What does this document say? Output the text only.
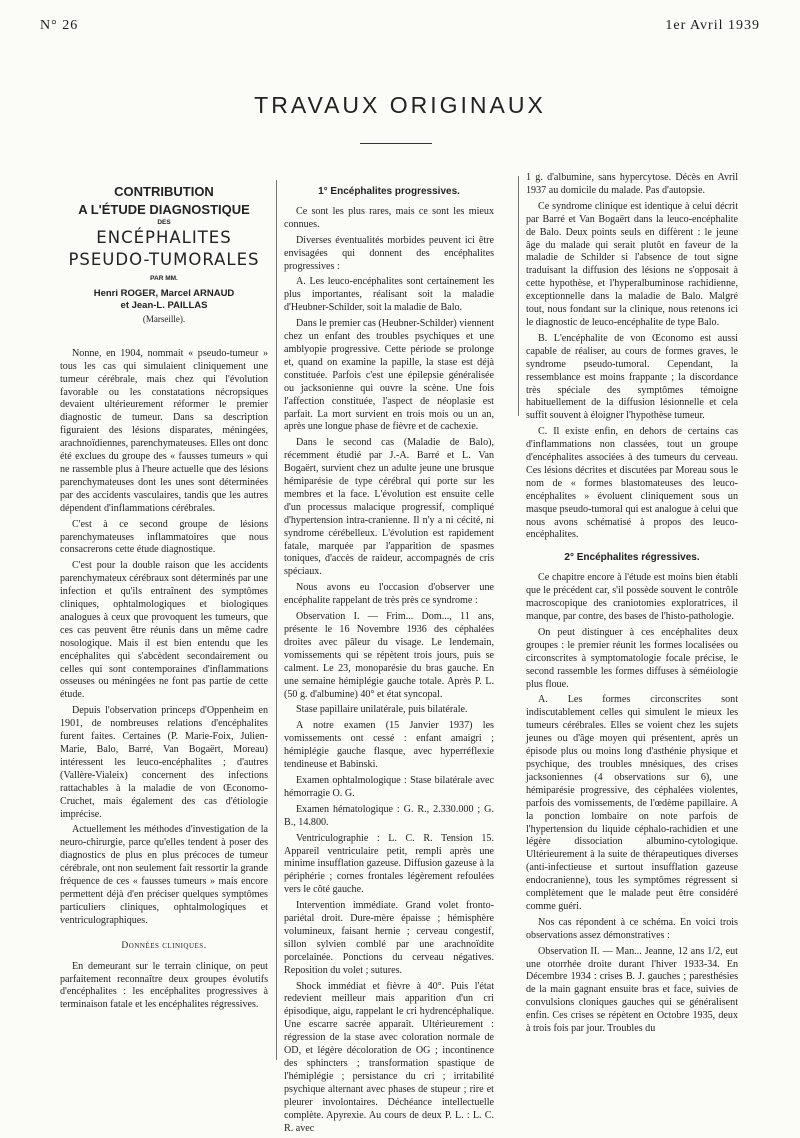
N° 26	1er Avril 1939
TRAVAUX ORIGINAUX
CONTRIBUTION
A L'ÉTUDE DIAGNOSTIQUE
DES
ENCÉPHALITES
PSEUDO-TUMORALES
PAR MM.
Henri ROGER, Marcel ARNAUD
et Jean-L. PAILLAS
(Marseille).

Nonne, en 1904, nommait « pseudo-tumeur » tous les cas qui simulaient cliniquement une tumeur cérébrale, mais chez qui l'évolution favorable ou les constatations nécropsiques devaient ultérieurement réformer le premier diagnostic de tumeur. Dans sa description figuraient des lésions disparates, méningées, arachnoïdiennes, parenchymateuses. Elles ont donc été exclues du groupe des « fausses tumeurs » qui ne rassemble plus à l'heure actuelle que des lésions parenchymateuses dont les unes sont déterminées par des accidents vasculaires, tandis que les autres dépendent d'inflammations cérébrales.

C'est à ce second groupe de lésions parenchymateuses inflammatoires que nous consacrerons cette étude diagnostique.

C'est pour la double raison que les accidents parenchymateux cérébraux sont déterminés par une infection et qu'ils entraînent des symptômes cliniques, ophtalmologiques et biologiques analogues à ceux que provoquent les tumeurs, que ces cas peuvent être réunis dans un même cadre nosologique. Mais il est bien entendu que les encéphalites qui s'abcèdent secondairement ou celles qui sont contemporaines d'inflammations osseuses ou méningées ne font pas partie de cette étude.

Depuis l'observation princeps d'Oppenheim en 1901, de nombreuses relations d'encéphalites furent faites. Certaines (P. Marie-Foix, Julien-Marie, Balo, Barré, Van Bogaërt, Moreau) intéressent les leuco-encéphalites ; d'autres (Vallère-Vialeix) concernent des infections rattachables à la maladie de von Œconomo-Cruchet, mais également des cas d'étiologie imprécise.

Actuellement les méthodes d'investigation de la neuro-chirurgie, parce qu'elles tendent à poser des diagnostics de plus en plus précoces de tumeur cérébrale, ont non seulement fait ressortir la grande fréquence de ces « fausses tumeurs » mais encore permettent déjà d'en préciser quelques symptômes particuliers cliniques, ophtalmologiques et ventriculographiques.

Données cliniques.

En demeurant sur le terrain clinique, on peut parfaitement reconnaître deux groupes évolutifs d'encéphalites : les encéphalites progressives à terminaison fatale et les encéphalites régressives.

1° Encéphalites progressives.

Ce sont les plus rares, mais ce sont les mieux connues.

Diverses éventualités morbides peuvent ici être envisagées qui donnent des encéphalites progressives :

A. Les leuco-encéphalites sont certainement les plus importantes, réalisant soit la maladie d'Heubner-Schilder, soit la maladie de Balo.

Dans le premier cas (Heubner-Schilder) viennent chez un enfant des troubles psychiques et une amblyopie progressive. Cette période se prolonge et, quand on examine la papille, la stase est déjà constituée. Parfois c'est une épilepsie généralisée ou jacksonienne qui ouvre la scène. Une fois l'affection constituée, l'aspect de néoplasie est parfait. La mort survient en trois mois ou un an, après une longue phase de fièvre et de cachexie.

Dans le second cas (Maladie de Balo), récemment étudié par J.-A. Barré et L. Van Bogaërt, survient chez un adulte jeune une brusque hémiparésie de type cérébral qui porte sur les membres et la face. L'évolution est ensuite celle d'un processus malacique progressif, compliqué d'hypertension intra-cranienne. Il n'y a ni cécité, ni syndrome cérébelleux. L'évolution est rapidement fatale, marquée par l'apparition de spasmes toniques, d'accès de raideur, accompagnés de cris spéciaux.

Nous avons eu l'occasion d'observer une encéphalite rappelant de très près ce syndrome :

Observation I. — Frim... Dom..., 11 ans, présente le 16 Novembre 1936 des céphalées droites avec pâleur du visage. Le lendemain, vomissements qui se répètent trois jours, puis se calment. Le 23, monoparésie du bras gauche. En une semaine hémiplégie gauche totale. Après P. L. (50 g. d'albumine) 40° et état syncopal.

Stase papillaire unilatérale, puis bilatérale.

A notre examen (15 Janvier 1937) les vomissements ont cessé : enfant amaigri ; hémiplégie gauche flasque, avec hyperréflexie tendineuse et Babinski.

Examen ophtalmologique : Stase bilatérale avec hémorragie O. G.

Examen hématologique : G. R., 2.330.000 ; G. B., 14.800.

Ventriculographie : L. C. R. Tension 15. Appareil ventriculaire petit, rempli après une minime insufflation gazeuse. Diffusion gazeuse à la périphérie ; cornes frontales légèrement refoulées vers le côté gauche.

Intervention immédiate. Grand volet fronto-pariétal droit. Dure-mère épaisse ; hémisphère volumineux, faisant hernie ; cerveau congestif, sillon sylvien comblé par une arachnoïdite porcelainée. Ponctions du cerveau négatives. Reposition du volet ; sutures.

Shock immédiat et fièvre à 40°. Puis l'état redevient meilleur mais apparition d'un cri épisodique, aigu, rappelant le cri hydrencéphalique. Une escarre sacrée apparaît. Ultérieurement : régression de la stase avec coloration normale de OD, et légère décoloration de OG ; incontinence des sphincters ; transformation spastique de l'hémiplégie ; persistance du cri ; irritabilité psychique alternant avec phases de stupeur ; rire et pleurer involontaires. Déchéance intellectuelle complète. Apyrexie. Au cours de deux P. L. : L. C. R. avec

1 g. d'albumine, sans hypercytose. Décès en Avril 1937 au domicile du malade. Pas d'autopsie.

Ce syndrome clinique est identique à celui décrit par Barré et Van Bogaërt dans la leuco-encéphalite de Balo. Deux points seuls en diffèrent : le jeune âge du malade qui serait plutôt en faveur de la maladie de Schilder si l'absence de tout signe traduisant la diffusion des lésions ne s'opposait à cette hypothèse, et l'hyperalbuminose rachidienne, exceptionnelle dans la maladie de Balo. Malgré tout, nous fondant sur la clinique, nous retenons ici le diagnostic de leuco-encéphalite de type Balo.

B. L'encéphalite de von Œconomo est aussi capable de réaliser, au cours de formes graves, le syndrome pseudo-tumoral. Cependant, la ressemblance est moins frappante ; la discordance très spéciale des symptômes témoigne habituellement de la diffusion lésionnelle et cela suffit souvent à éloigner l'hypothèse tumeur.

C. Il existe enfin, en dehors de certains cas d'inflammations non classées, tout un groupe d'encéphalites associées à des tumeurs du cerveau. Ces lésions décrites et discutées par Moreau sous le nom de « formes blastomateuses des leuco-encéphalites » évoluent cliniquement sous un masque pseudo-tumoral qui est analogue à celui que nous avons schématisé à propos des leuco-encéphalites.

2° Encéphalites régressives.

Ce chapitre encore à l'étude est moins bien établi que le précédent car, s'il possède souvent le contrôle macroscopique des craniotomies exploratrices, il manque, par contre, des bases de l'histo-pathologie.

On peut distinguer à ces encéphalites deux groupes : le premier réunit les formes localisées ou circonscrites à symptomatologie focale précise, le second rassemble les formes diffuses à séméiologie plus floue.

A. Les formes circonscrites sont indiscutablement celles qui simulent le mieux les tumeurs cérébrales. Elles se voient chez les sujets jeunes ou d'âge moyen qui présentent, après un épisode plus ou moins long d'asthénie physique et psychique, des troubles mnésiques, des crises jacksoniennes (4 observations sur 6), une hémiparésie progressive, des céphalées violentes, parfois des vomissements, de l'œdème papillaire. A la ponction lombaire on note parfois de l'hypertension du liquide céphalo-rachidien et une légère dissociation albumino-cytologique. Ultérieurement à la suite de thérapeutiques diverses (anti-infectieuse et surtout insufflation gazeuse endocranienne), tous les symptômes régressent si complètement que le malade peut être considéré comme guéri.

Nos cas répondent à ce schéma. En voici trois observations assez démonstratives :

Observation II. — Man... Jeanne, 12 ans 1/2, eut une otorrhée droite durant l'hiver 1933-34. En Décembre 1934 : crises B. J. gauches ; paresthésies de la main gagnant ensuite bras et face, suivies de convulsions cloniques gauches qui se généralisent enfin. Ces crises se répètent en Octobre 1935, deux à trois fois par jour. Troubles du
